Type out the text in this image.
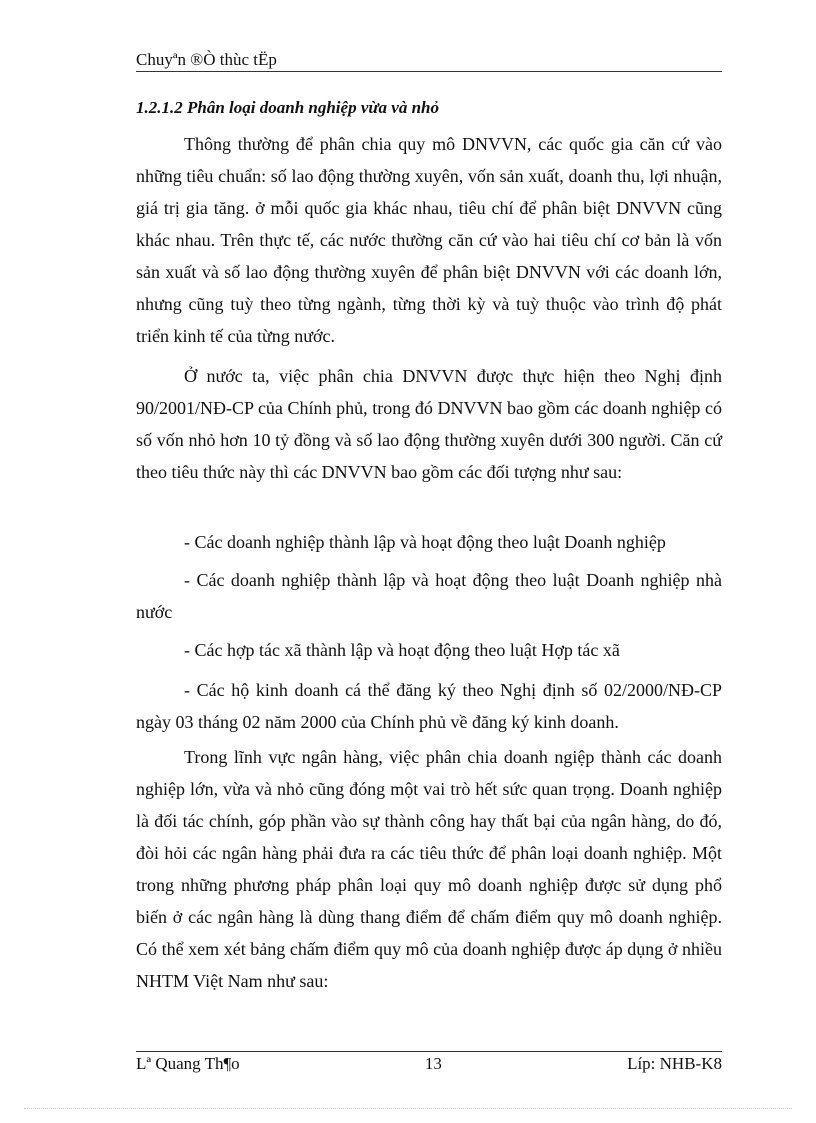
Chuyªn ®Ò thùc tËp
1.2.1.2 Phân loại doanh nghiệp vừa và nhỏ

Thông thường để phân chia quy mô DNVVN, các quốc gia căn cứ vào những tiêu chuẩn: số lao động thường xuyên, vốn sản xuất, doanh thu, lợi nhuận, giá trị gia tăng. ở mỗi quốc gia khác nhau, tiêu chí để phân biệt DNVVN cũng khác nhau. Trên thực tế, các nước thường căn cứ vào hai tiêu chí cơ bản là vốn sản xuất và số lao động thường xuyên để phân biệt DNVVN với các doanh lớn, nhưng cũng tuỳ theo từng ngành, từng thời kỳ và tuỳ thuộc vào trình độ phát triển kinh tế của từng nước.

Ở nước ta, việc phân chia DNVVN được thực hiện theo Nghị định 90/2001/NĐ-CP của Chính phủ, trong đó DNVVN bao gồm các doanh nghiệp có số vốn nhỏ hơn 10 tỷ đồng và số lao động thường xuyên dưới 300 người. Căn cứ theo tiêu thức này thì các DNVVN bao gồm các đối tượng như sau:

- Các doanh nghiệp thành lập và hoạt động theo luật Doanh nghiệp

- Các doanh nghiệp thành lập và hoạt động theo luật Doanh nghiệp nhà nước

- Các hợp tác xã thành lập và hoạt động theo luật Hợp tác xã

- Các hộ kinh doanh cá thể đăng ký theo Nghị định số 02/2000/NĐ-CP ngày 03 tháng 02 năm 2000 của Chính phủ về đăng ký kinh doanh.

Trong lĩnh vực ngân hàng, việc phân chia doanh ngiệp thành các doanh nghiệp lớn, vừa và nhỏ cũng đóng một vai trò hết sức quan trọng. Doanh nghiệp là đối tác chính, góp phần vào sự thành công hay thất bại của ngân hàng, do đó, đòi hỏi các ngân hàng phải đưa ra các tiêu thức để phân loại doanh nghiệp. Một trong những phương pháp phân loại quy mô doanh nghiệp được sử dụng phổ biến ở các ngân hàng là dùng thang điểm để chấm điểm quy mô doanh nghiệp. Có thể xem xét bảng chấm điểm quy mô của doanh nghiệp được áp dụng ở nhiều NHTM Việt Nam như sau:

Lª Quang Th¶o	13	Líp: NHB-K8
